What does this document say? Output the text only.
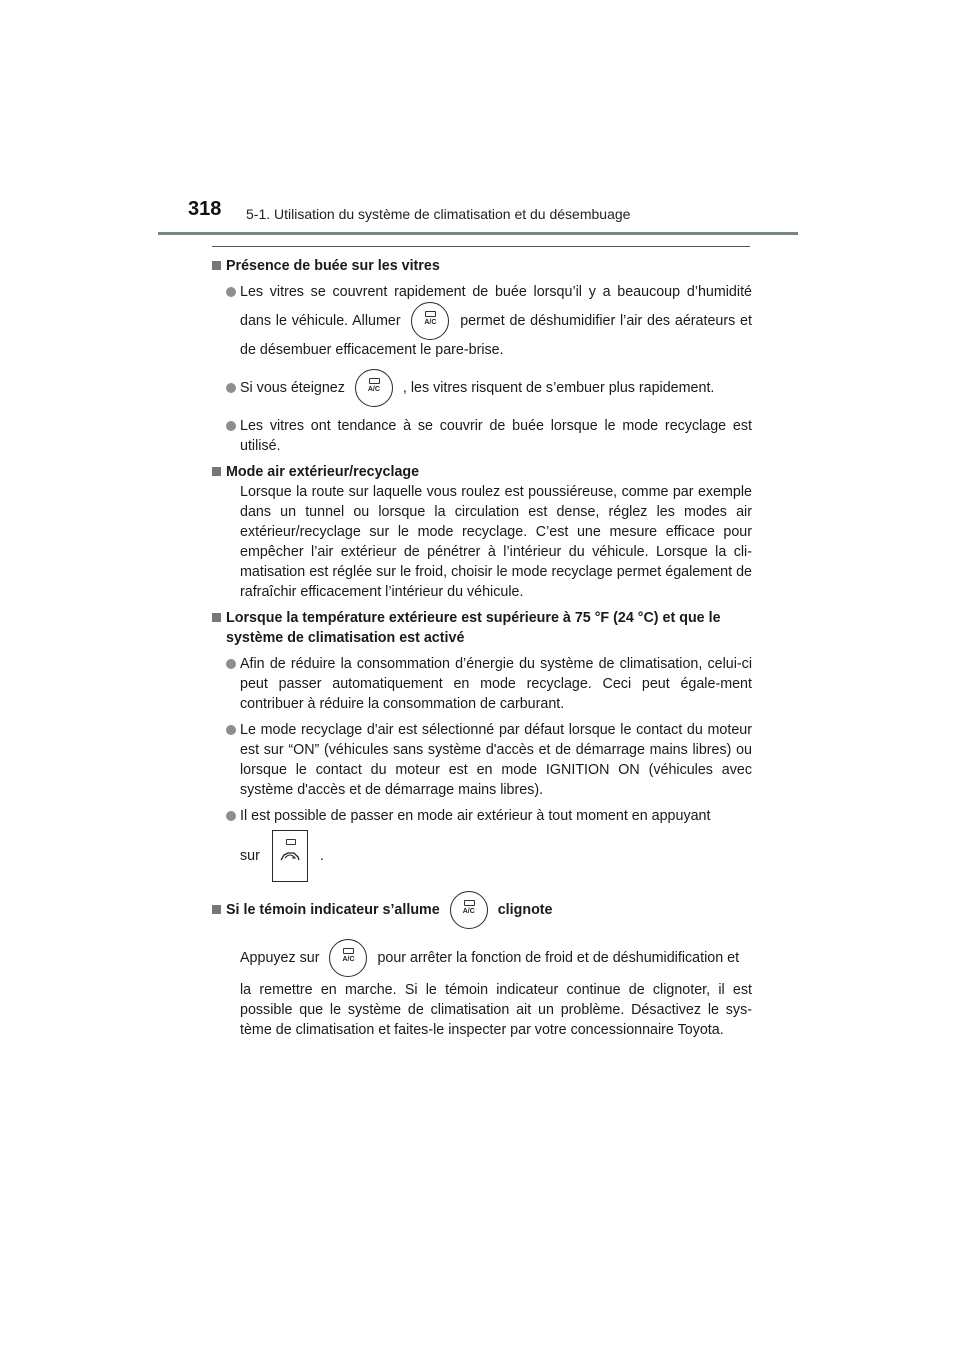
318 5-1. Utilisation du système de climatisation et du désembuage

Présence de buée sur les vitres

Les vitres se couvrent rapidement de buée lorsqu’il y a beaucoup d’humidité dans le véhicule. Allumer	A/C	permet de déshumidifier l’air des aérateurs et de désembuer efficacement le pare-brise.

Si vous éteignez	A/C	, les vitres risquent de s’embuer plus rapidement.

Les vitres ont tendance à se couvrir de buée lorsque le mode recyclage est utilisé.

Mode air extérieur/recyclage

Lorsque la route sur laquelle vous roulez est poussiéreuse, comme par exemple dans un tunnel ou lorsque la circulation est dense, réglez les modes air extérieur/recyclage sur le mode recyclage. C’est une mesure efficace pour empêcher l’air extérieur de pénétrer à l’intérieur du véhicule. Lorsque la cli-matisation est réglée sur le froid, choisir le mode recyclage permet également de rafraîchir efficacement l’intérieur du véhicule.

Lorsque la température extérieure est supérieure à 75 °F (24 °C) et que le système de climatisation est activé

Afin de réduire la consommation d’énergie du système de climatisation, celui-ci peut passer automatiquement en mode recyclage. Ceci peut égale-ment contribuer à réduire la consommation de carburant.

Le mode recyclage d'air est sélectionné par défaut lorsque le contact du moteur est sur “ON” (véhicules sans système d'accès et de démarrage mains libres) ou lorsque le contact du moteur est en mode IGNITION ON (véhicules avec système d'accès et de démarrage mains libres).

Il est possible de passer en mode air extérieur à tout moment en appuyant

sur	.

Si le témoin indicateur s’allume	A/C	clignote

Appuyez sur	A/C	pour arrêter la fonction de froid et de déshumidification et

la remettre en marche. Si le témoin indicateur continue de clignoter, il est possible que le système de climatisation ait un problème. Désactivez le sys-tème de climatisation et faites-le inspecter par votre concessionnaire Toyota.
